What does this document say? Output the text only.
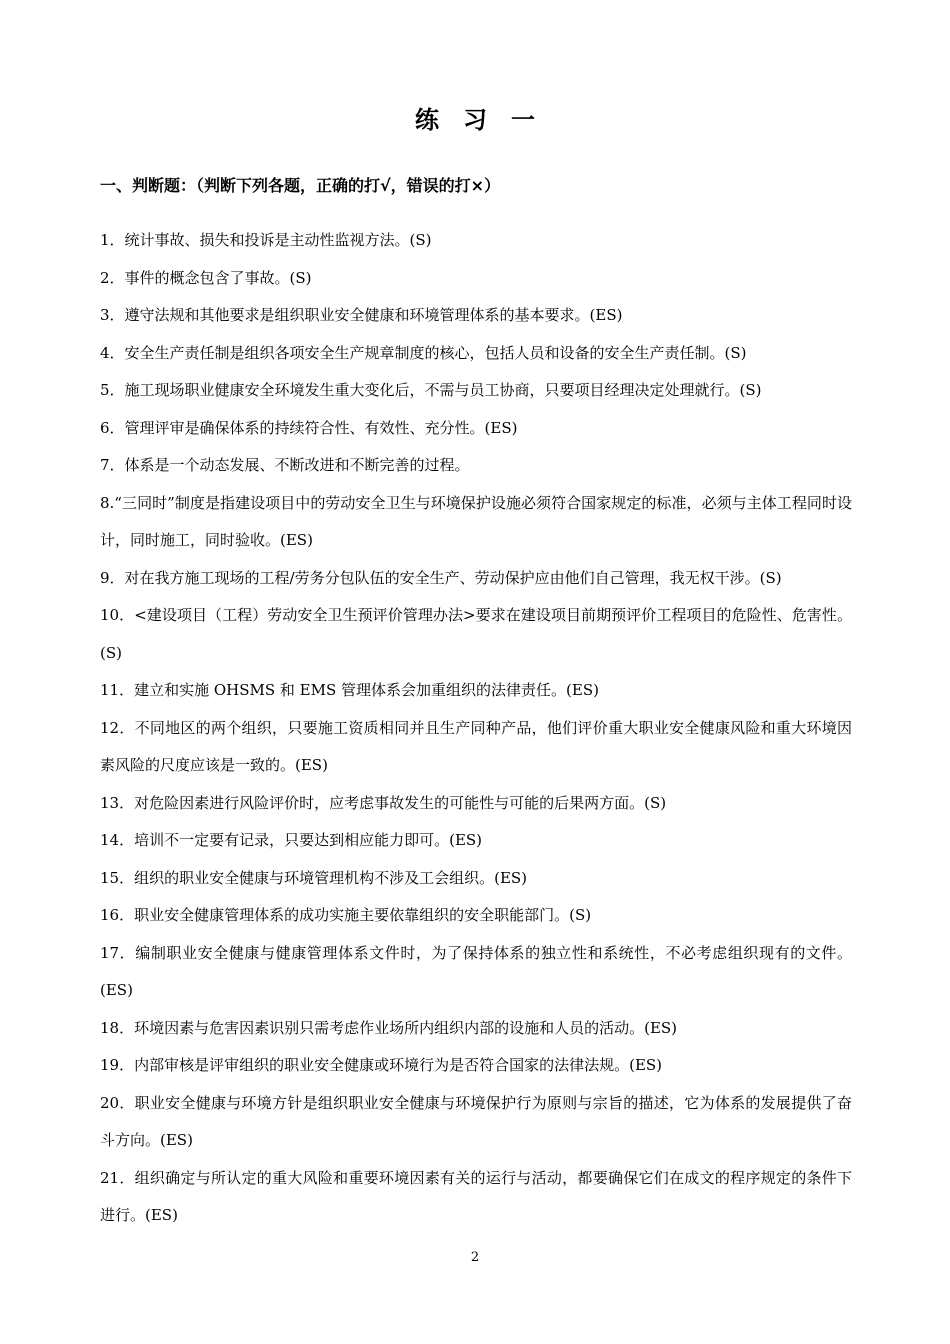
练　习　一
一、判断题：（判断下列各题，正确的打√，错误的打×）

1．统计事故、损失和投诉是主动性监视方法。(S)

2．事件的概念包含了事故。(S)

3．遵守法规和其他要求是组织职业安全健康和环境管理体系的基本要求。(ES)

4．安全生产责任制是组织各项安全生产规章制度的核心，包括人员和设备的安全生产责任制。(S)

5．施工现场职业健康安全环境发生重大变化后，不需与员工协商，只要项目经理决定处理就行。(S)

6．管理评审是确保体系的持续符合性、有效性、充分性。(ES)

7．体系是一个动态发展、不断改进和不断完善的过程。

8.“三同时”制度是指建设项目中的劳动安全卫生与环境保护设施必须符合国家规定的标准，必须与主体工程同时设计，同时施工，同时验收。(ES)

9．对在我方施工现场的工程/劳务分包队伍的安全生产、劳动保护应由他们自己管理，我无权干涉。(S)

10．<建设项目（工程）劳动安全卫生预评价管理办法>要求在建设项目前期预评价工程项目的危险性、危害性。(S)

11．建立和实施 OHSMS 和 EMS 管理体系会加重组织的法律责任。(ES)

12．不同地区的两个组织，只要施工资质相同并且生产同种产品，他们评价重大职业安全健康风险和重大环境因素风险的尺度应该是一致的。(ES)

13．对危险因素进行风险评价时，应考虑事故发生的可能性与可能的后果两方面。(S)

14．培训不一定要有记录，只要达到相应能力即可。(ES)

15．组织的职业安全健康与环境管理机构不涉及工会组织。(ES)

16．职业安全健康管理体系的成功实施主要依靠组织的安全职能部门。(S)

17．编制职业安全健康与健康管理体系文件时，为了保持体系的独立性和系统性，不必考虑组织现有的文件。(ES)

18．环境因素与危害因素识别只需考虑作业场所内组织内部的设施和人员的活动。(ES)

19．内部审核是评审组织的职业安全健康或环境行为是否符合国家的法律法规。(ES)

20．职业安全健康与环境方针是组织职业安全健康与环境保护行为原则与宗旨的描述，它为体系的发展提供了奋斗方向。(ES)

21．组织确定与所认定的重大风险和重要环境因素有关的运行与活动，都要确保它们在成文的程序规定的条件下进行。(ES)

2
